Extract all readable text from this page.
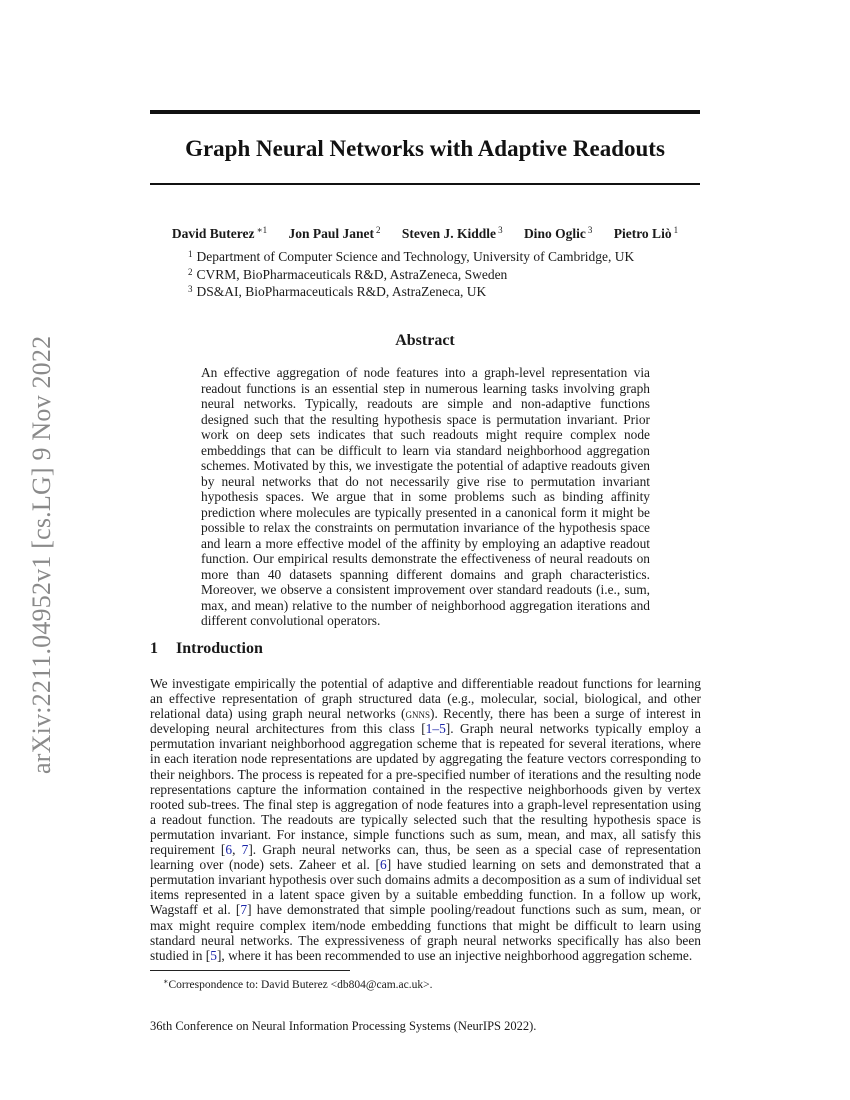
arXiv:2211.04952v1 [cs.LG] 9 Nov 2022
Graph Neural Networks with Adaptive Readouts
David Buterez $^{∗1}$ Jon Paul Janet $^2$ Steven J. Kiddle $^3$ Dino Oglic $^3$ Pietro Liò $^1$
$^1$ Department of Computer Science and Technology, University of Cambridge, UK
$^2$ CVRM, BioPharmaceuticals R&D, AstraZeneca, Sweden
$^3$ DS&AI, BioPharmaceuticals R&D, AstraZeneca, UK
Abstract
An effective aggregation of node features into a graph-level representation via readout functions is an essential step in numerous learning tasks involving graph neural networks. Typically, readouts are simple and non-adaptive functions designed such that the resulting hypothesis space is permutation invariant. Prior work on deep sets indicates that such readouts might require complex node embeddings that can be difficult to learn via standard neighborhood aggregation schemes. Motivated by this, we investigate the potential of adaptive readouts given by neural networks that do not necessarily give rise to permutation invariant hypothesis spaces. We argue that in some problems such as binding affinity prediction where molecules are typically presented in a canonical form it might be possible to relax the constraints on permutation invariance of the hypothesis space and learn a more effective model of the affinity by employing an adaptive readout function. Our empirical results demonstrate the effectiveness of neural readouts on more than 40 datasets spanning different domains and graph characteristics. Moreover, we observe a consistent improvement over standard readouts (i.e., sum, max, and mean) relative to the number of neighborhood aggregation iterations and different convolutional operators.
1 Introduction
We investigate empirically the potential of adaptive and differentiable readout functions for learning an effective representation of graph structured data (e.g., molecular, social, biological, and other relational data) using graph neural networks (gnns). Recently, there has been a surge of interest in developing neural architectures from this class [1–5]. Graph neural networks typically employ a permutation invariant neighborhood aggregation scheme that is repeated for several iterations, where in each iteration node representations are updated by aggregating the feature vectors corresponding to their neighbors. The process is repeated for a pre-specified number of iterations and the resulting node representations capture the information contained in the respective neighborhoods given by vertex rooted sub-trees. The final step is aggregation of node features into a graph-level representation using a readout function. The readouts are typically selected such that the resulting hypothesis space is permutation invariant. For instance, simple functions such as sum, mean, and max, all satisfy this requirement [6, 7]. Graph neural networks can, thus, be seen as a special case of representation learning over (node) sets. Zaheer et al. [6] have studied learning on sets and demonstrated that a permutation invariant hypothesis over such domains admits a decomposition as a sum of individual set items represented in a latent space given by a suitable embedding function. In a follow up work, Wagstaff et al. [7] have demonstrated that simple pooling/readout functions such as sum, mean, or max might require complex item/node embedding functions that might be difficult to learn using standard neural networks. The expressiveness of graph neural networks specifically has also been studied in [5], where it has been recommended to use an injective neighborhood aggregation scheme.
∗Correspondence to: David Buterez <db804@cam.ac.uk>.
36th Conference on Neural Information Processing Systems (NeurIPS 2022).
